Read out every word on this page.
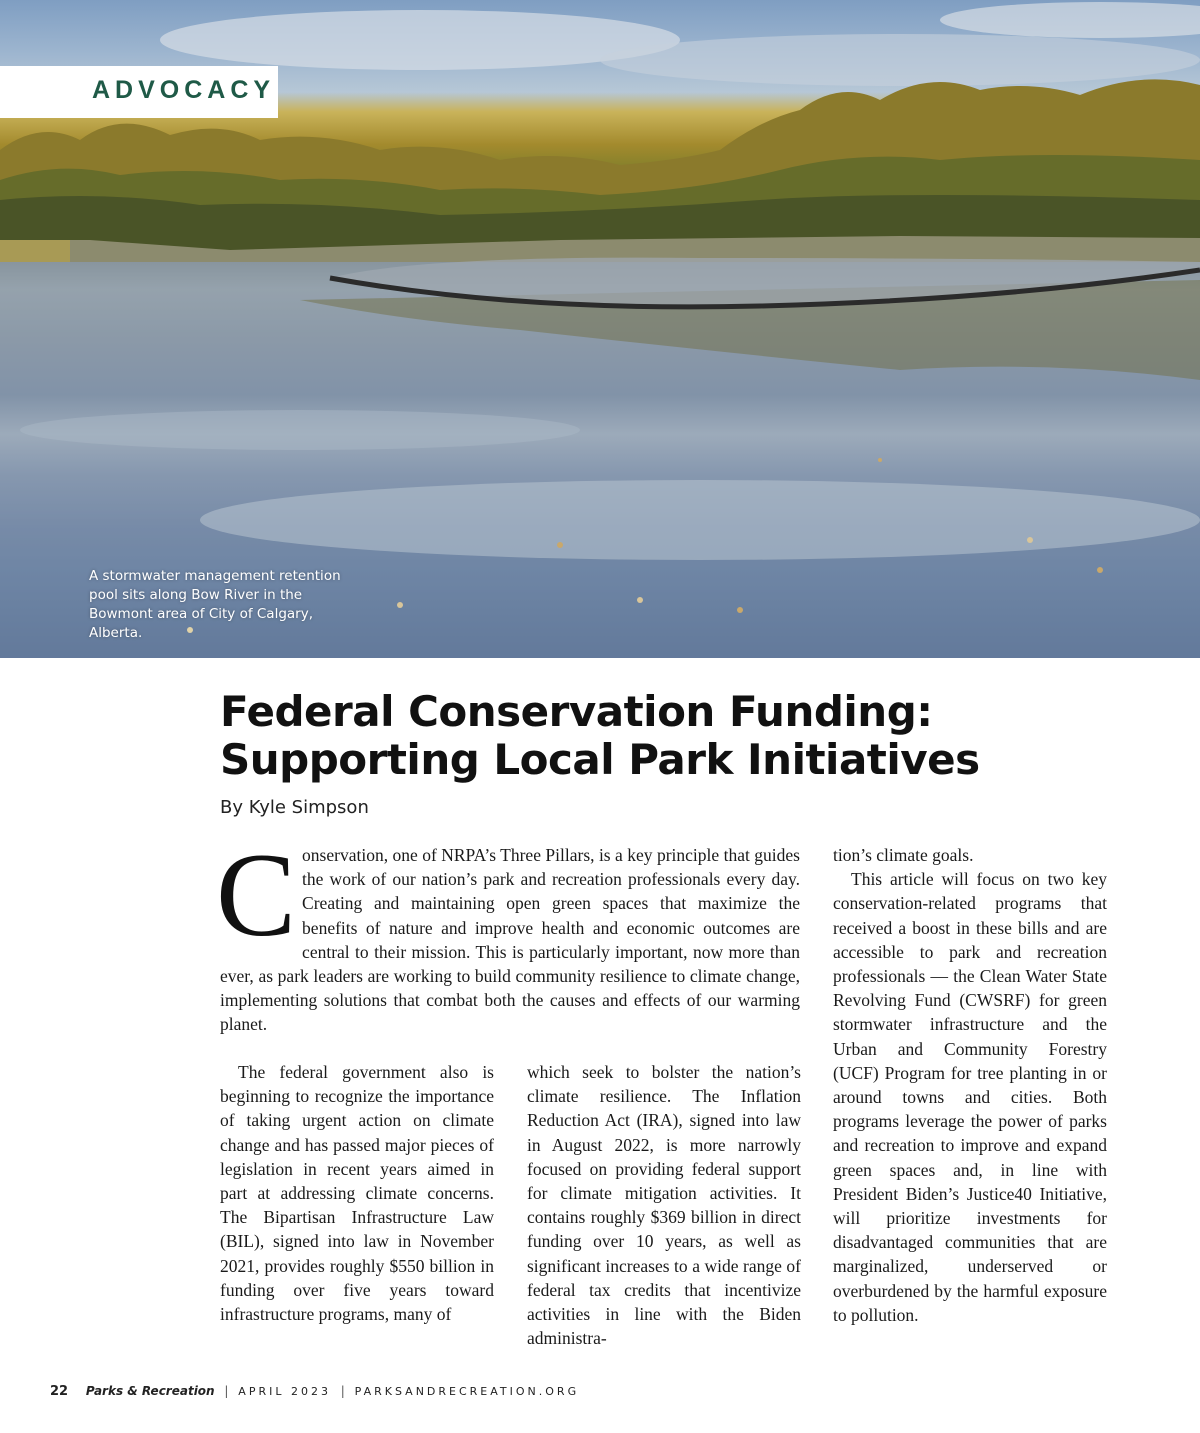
ADVOCACY
A stormwater management retention pool sits along Bow River in the Bowmont area of City of Calgary, Alberta.
Federal Conservation Funding: Supporting Local Park Initiatives
By Kyle Simpson
Conservation, one of NRPA’s Three Pillars, is a key principle that guides the work of our nation’s park and recreation professionals every day. Creating and maintaining open green spaces that maximize the benefits of nature and improve health and economic outcomes are central to their mission. This is particularly important, now more than ever, as park leaders are working to build community resilience to climate change, implementing solutions that combat both the causes and effects of our warming planet.

The federal government also is beginning to recognize the importance of taking urgent action on climate change and has passed major pieces of legislation in recent years aimed in part at addressing climate concerns. The Bipartisan Infrastructure Law (BIL), signed into law in November 2021, provides roughly $550 billion in funding over five years toward infrastructure programs, many of

which seek to bolster the nation’s climate resilience. The Inflation Reduction Act (IRA), signed into law in August 2022, is more narrowly focused on providing federal support for climate mitigation activities. It contains roughly $369 billion in direct funding over 10 years, as well as significant increases to a wide range of federal tax credits that incentivize activities in line with the Biden administra-

tion’s climate goals.

This article will focus on two key conservation-related programs that received a boost in these bills and are accessible to park and recreation professionals — the Clean Water State Revolving Fund (CWSRF) for green stormwater infrastructure and the Urban and Community Forestry (UCF) Program for tree planting in or around towns and cities. Both programs leverage the power of parks and recreation to improve and expand green spaces and, in line with President Biden’s Justice40 Initiative, will prioritize investments for disadvantaged communities that are marginalized, underserved or overburdened by the harmful exposure to pollution.

22 Parks & Recreation | APRIL 2023 | PARKSANDRECREATION.ORG
